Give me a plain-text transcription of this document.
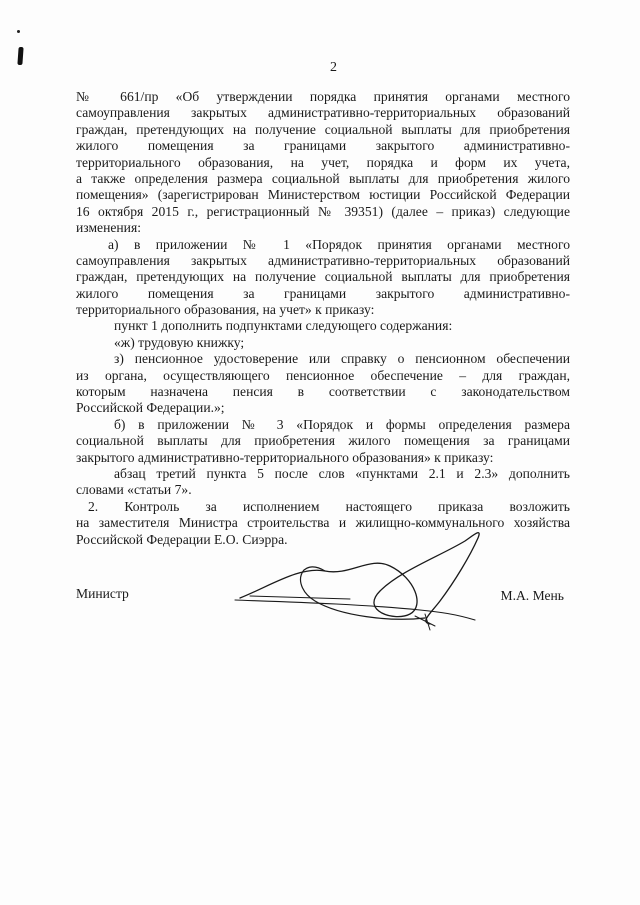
2
№ 661/пр «Об утверждении порядка принятия органами местного
самоуправления закрытых административно-территориальных образований
граждан, претендующих на получение социальной выплаты для приобретения
жилого помещения за границами закрытого административно-
территориального образования, на учет, порядка и форм их учета,
а также определения размера социальной выплаты для приобретения жилого
помещения» (зарегистрирован Министерством юстиции Российской Федерации
16 октября 2015 г., регистрационный № 39351) (далее – приказ) следующие
изменения:
а) в приложении № 1 «Порядок принятия органами местного
самоуправления закрытых административно-территориальных образований
граждан, претендующих на получение социальной выплаты для приобретения
жилого помещения за границами закрытого административно-
территориального образования, на учет» к приказу:
пункт 1 дополнить подпунктами следующего содержания:
«ж) трудовую книжку;
з) пенсионное удостоверение или справку о пенсионном обеспечении
из органа, осуществляющего пенсионное обеспечение – для граждан,
которым назначена пенсия в соответствии с законодательством
Российской Федерации.»;
б) в приложении № 3 «Порядок и формы определения размера
социальной выплаты для приобретения жилого помещения за границами
закрытого административно-территориального образования» к приказу:
абзац третий пункта 5 после слов «пунктами 2.1 и 2.3» дополнить
словами «статьи 7».
2. Контроль за исполнением настоящего приказа возложить
на заместителя Министра строительства и жилищно-коммунального хозяйства
Российской Федерации Е.О. Сиэрра.
Министр	М.А. Мень
